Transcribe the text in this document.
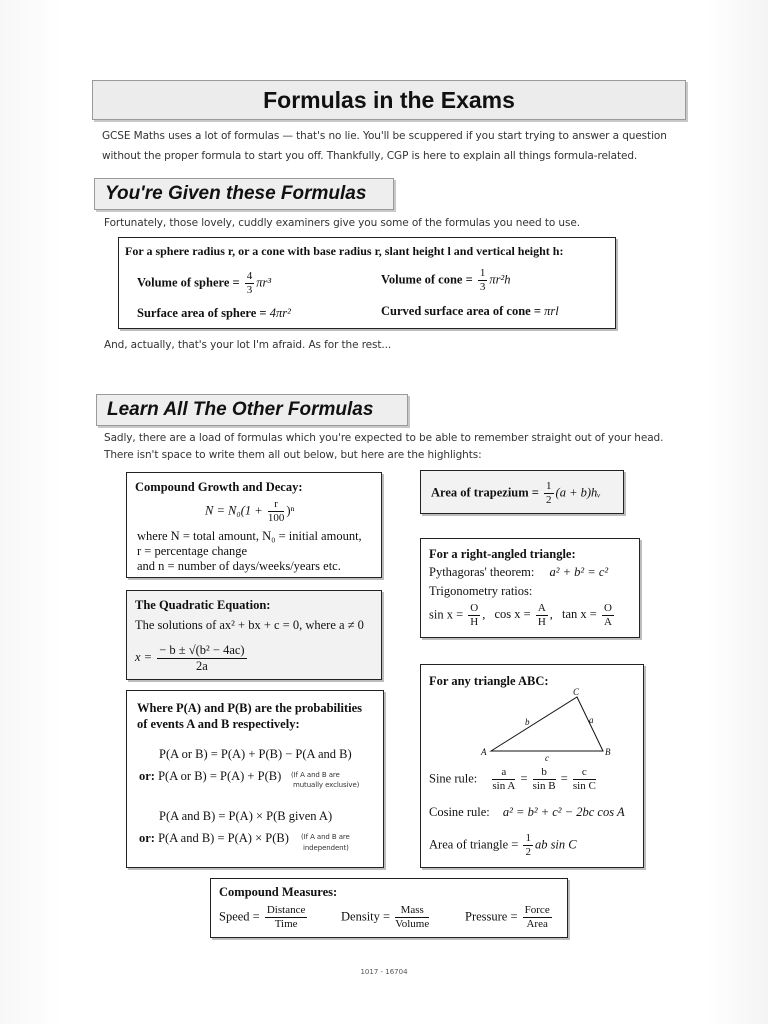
Formulas in the Exams
GCSE Maths uses a lot of formulas — that's no lie. You'll be scuppered if you start trying to answer a question
without the proper formula to start you off. Thankfully, CGP is here to explain all things formula-related.
You're Given these Formulas
Fortunately, those lovely, cuddly examiners give you some of the formulas you need to use.
For a sphere radius r, or a cone with base radius r, slant height l and vertical height h:
Volume of sphere = $\frac{4}{3} \pi r^3$
Surface area of sphere = 4πr²
Volume of cone = $\frac{1}{3} \pi r^2h$
Curved surface area of cone = πrl
And, actually, that's your lot I'm afraid. As for the rest...
Learn All The Other Formulas
Sadly, there are a load of formulas which you're expected to be able to remember straight out of your head.
There isn't space to write them all out below, but here are the highlights:
Compound Growth and Decay:
$N = N_0(1 + \frac{r}{100} )^n$
where N = total amount, N₀ = initial amount,
r = percentage change
and n = number of days/weeks/years etc.
The Quadratic Equation:
The solutions of ax² + bx + c = 0, where a ≠ 0
$x = \frac{\text{− b ± √(b² − 4ac)}}{2a}$
Where P(A) and P(B) are the probabilities
of events A and B respectively:
P(A or B) = P(A) + P(B) − P(A and B)
or: P(A or B) = P(A) + P(B) (If A and B are
mutually exclusive)
P(A and B) = P(A) × P(B given A)
or: P(A and B) = P(A) × P(B) (If A and B are
independent)
Area of trapezium = $\frac{1}{2} (a$ + b)hᵥ
For a right-angled triangle:
Pythagoras' theorem: a² + b² = c²
Trigonometry ratios:
$\sin x = \frac{O}{H}$ , $\cos x = \frac{A}{H}$ , $\tan x = \frac{O}{A}$
For any triangle ABC:
A	B
C
a
b
c
Sine rule: $\frac{a}{\text{sin A}} = \frac{b}{\text{sin B}} = \frac{c}{\text{sin C}}$
Cosine rule: a² = b² + c² − 2bc cos A
Area of triangle = $\frac{1}{2}$ ab sin C
Compound Measures:
Speed = $\frac{\text{Distance}}{\text{Time}}$	Density = $\frac{\text{Mass}}{\text{Volume}}$	Pressure = $\frac{\text{Force}}{\text{Area}}$
1017 - 16704
